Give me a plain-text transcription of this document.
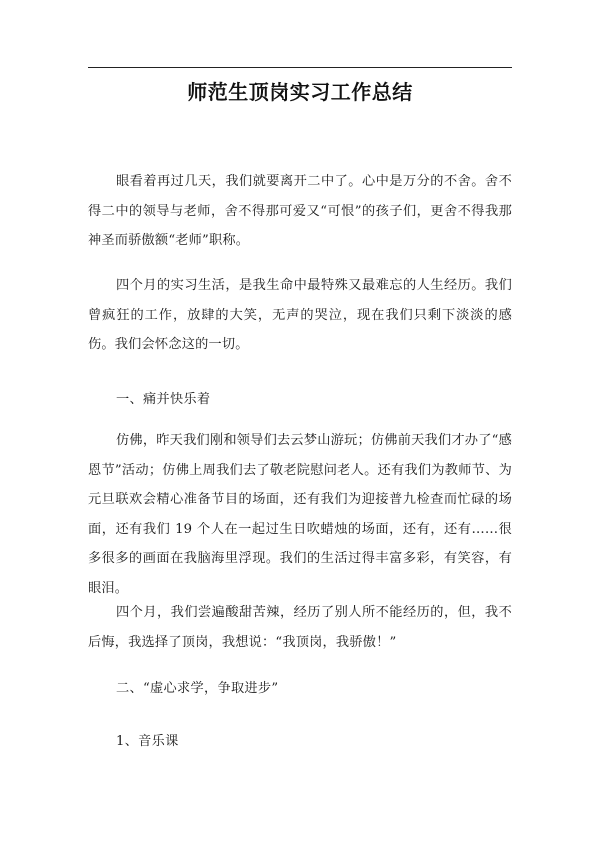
师范生顶岗实习工作总结

眼看着再过几天，我们就要离开二中了。心中是万分的不舍。舍不得二中的领导与老师，舍不得那可爱又“可恨”的孩子们，更舍不得我那神圣而骄傲额“老师”职称。

四个月的实习生活，是我生命中最特殊又最难忘的人生经历。我们曾疯狂的工作，放肆的大笑，无声的哭泣，现在我们只剩下淡淡的感伤。我们会怀念这的一切。

一、痛并快乐着

仿佛，昨天我们刚和领导们去云梦山游玩；仿佛前天我们才办了“感恩节”活动；仿佛上周我们去了敬老院慰问老人。还有我们为教师节、为元旦联欢会精心准备节目的场面，还有我们为迎接普九检查而忙碌的场面，还有我们 19 个人在一起过生日吹蜡烛的场面，还有，还有……很多很多的画面在我脑海里浮现。我们的生活过得丰富多彩，有笑容，有眼泪。

四个月，我们尝遍酸甜苦辣，经历了别人所不能经历的，但，我不后悔，我选择了顶岗，我想说：“我顶岗，我骄傲！”

二、“虚心求学，争取进步”

1、音乐课
